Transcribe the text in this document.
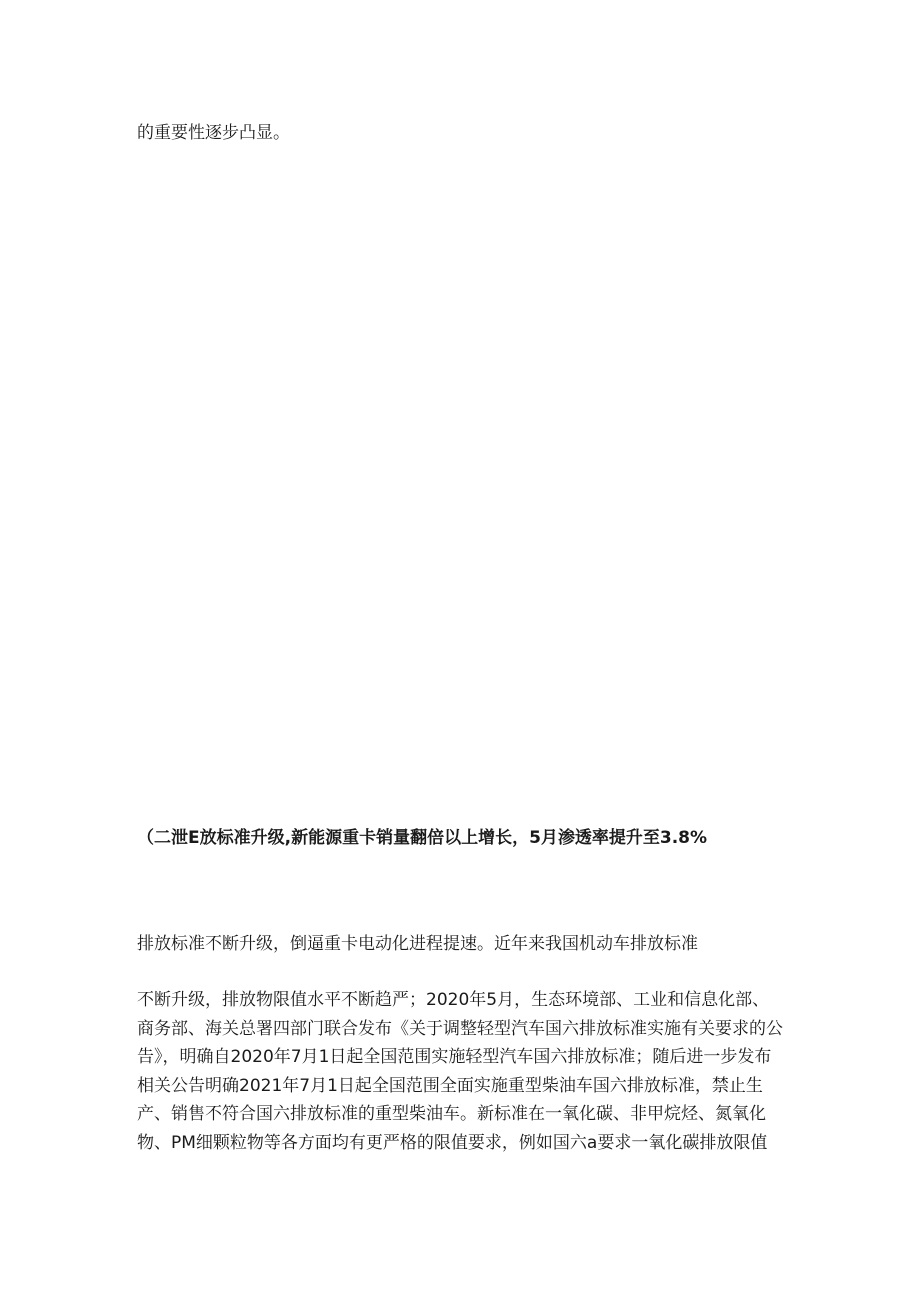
的重要性逐步凸显。

（二泄E放标准升级,新能源重卡销量翻倍以上增长，5月渗透率提升至3.8%

排放标准不断升级，倒逼重卡电动化进程提速。近年来我国机动车排放标准

不断升级，排放物限值水平不断趋严；2020年5月，生态环境部、工业和信息化部、
商务部、海关总署四部门联合发布《关于调整轻型汽车国六排放标准实施有关要求的公
告》，明确自2020年7月1日起全国范围实施轻型汽车国六排放标准；随后进一步发布
相关公告明确2021年7月1日起全国范围全面实施重型柴油车国六排放标准，禁止生
产、销售不符合国六排放标准的重型柴油车。新标准在一氧化碳、非甲烷烃、氮氧化
物、PM细颗粒物等各方面均有更严格的限值要求，例如国六a要求一氧化碳排放限值
